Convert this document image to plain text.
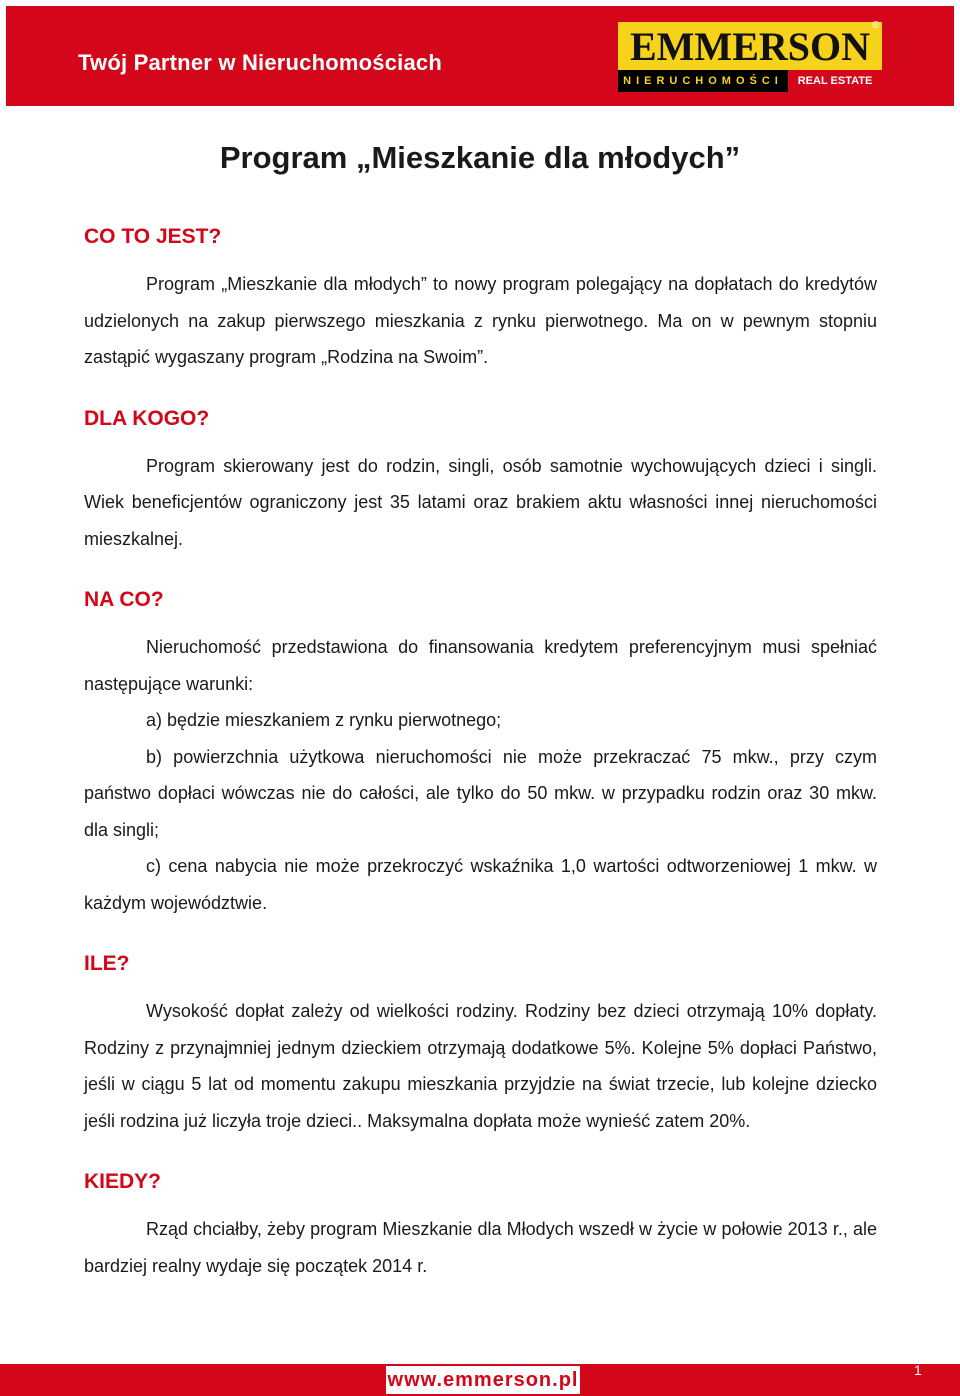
Twój Partner w Nieruchomościach	EMMERSON
NIERUCHOMOŚCI	REAL ESTATE
®
Program „Mieszkanie dla młodych”
CO TO JEST?

Program „Mieszkanie dla młodych” to nowy program polegający na dopłatach do kredytów udzielonych na zakup pierwszego mieszkania z rynku pierwotnego. Ma on w pewnym stopniu zastąpić wygaszany program „Rodzina na Swoim”.

DLA KOGO?

Program skierowany jest do rodzin, singli, osób samotnie wychowujących dzieci i singli. Wiek beneficjentów ograniczony jest 35 latami oraz brakiem aktu własności innej nieruchomości mieszkalnej.

NA CO?

Nieruchomość przedstawiona do finansowania kredytem preferencyjnym musi spełniać następujące warunki:

a) będzie mieszkaniem z rynku pierwotnego;

b) powierzchnia użytkowa nieruchomości nie może przekraczać 75 mkw., przy czym państwo dopłaci wówczas nie do całości, ale tylko do 50 mkw. w przypadku rodzin oraz 30 mkw. dla singli;

c) cena nabycia nie może przekroczyć wskaźnika 1,0 wartości odtworzeniowej 1 mkw. w każdym województwie.

ILE?

Wysokość dopłat zależy od wielkości rodziny. Rodziny bez dzieci otrzymają 10% dopłaty. Rodziny z przynajmniej jednym dzieckiem otrzymają dodatkowe 5%. Kolejne 5% dopłaci Państwo, jeśli w ciągu 5 lat od momentu zakupu mieszkania przyjdzie na świat trzecie, lub kolejne dziecko jeśli rodzina już liczyła troje dzieci.. Maksymalna dopłata może wynieść zatem 20%.

KIEDY?

Rząd chciałby, żeby program Mieszkanie dla Młodych wszedł w życie w połowie 2013 r., ale bardziej realny wydaje się początek 2014 r.

www.emmerson.pl	1
